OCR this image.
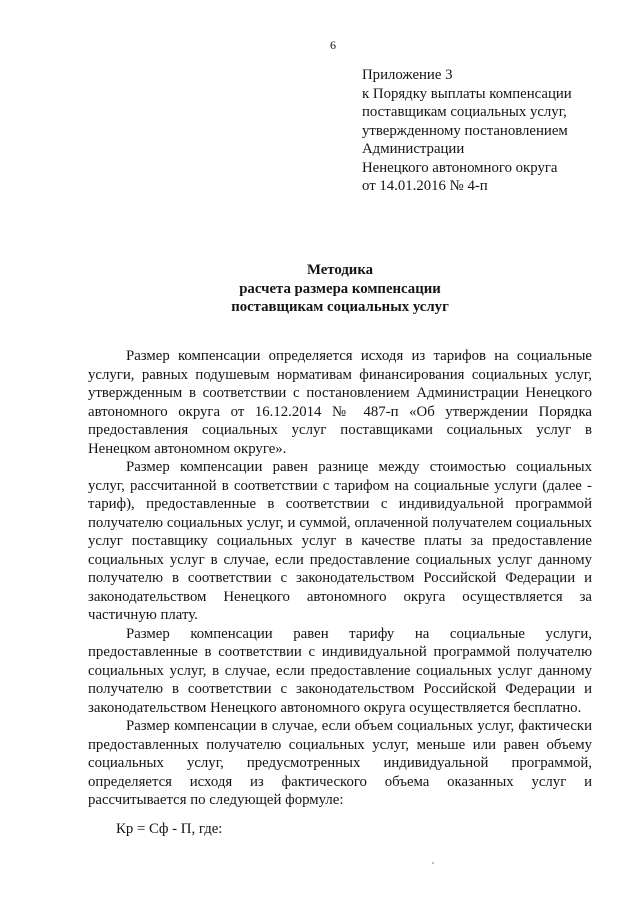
6
Приложение 3
к Порядку выплаты компенсации
поставщикам социальных услуг,
утвержденному постановлением
Администрации
Ненецкого автономного округа
от 14.01.2016 № 4-п
Методика
расчета размера компенсации
поставщикам социальных услуг

Размер компенсации определяется исходя из тарифов на социальные услуги, равных подушевым нормативам финансирования социальных услуг, утвержденным в соответствии с постановлением Администрации Ненецкого автономного округа от 16.12.2014 № 487-п «Об утверждении Порядка предоставления социальных услуг поставщиками социальных услуг в Ненецком автономном округе».

Размер компенсации равен разнице между стоимостью социальных услуг, рассчитанной в соответствии с тарифом на социальные услуги (далее - тариф), предоставленные в соответствии с индивидуальной программой получателю социальных услуг, и суммой, оплаченной получателем социальных услуг поставщику социальных услуг в качестве платы за предоставление социальных услуг в случае, если предоставление социальных услуг данному получателю в соответствии с законодательством Российской Федерации и законодательством Ненецкого автономного округа осуществляется за частичную плату.

Размер компенсации равен тарифу на социальные услуги, предоставленные в соответствии с индивидуальной программой получателю социальных услуг, в случае, если предоставление социальных услуг данному получателю в соответствии с законодательством Российской Федерации и законодательством Ненецкого автономного округа осуществляется бесплатно.

Размер компенсации в случае, если объем социальных услуг, фактически предоставленных получателю социальных услуг, меньше или равен объему социальных услуг, предусмотренных индивидуальной программой, определяется исходя из фактического объема оказанных услуг и рассчитывается по следующей формуле:

Кр = Сф - П, где:
